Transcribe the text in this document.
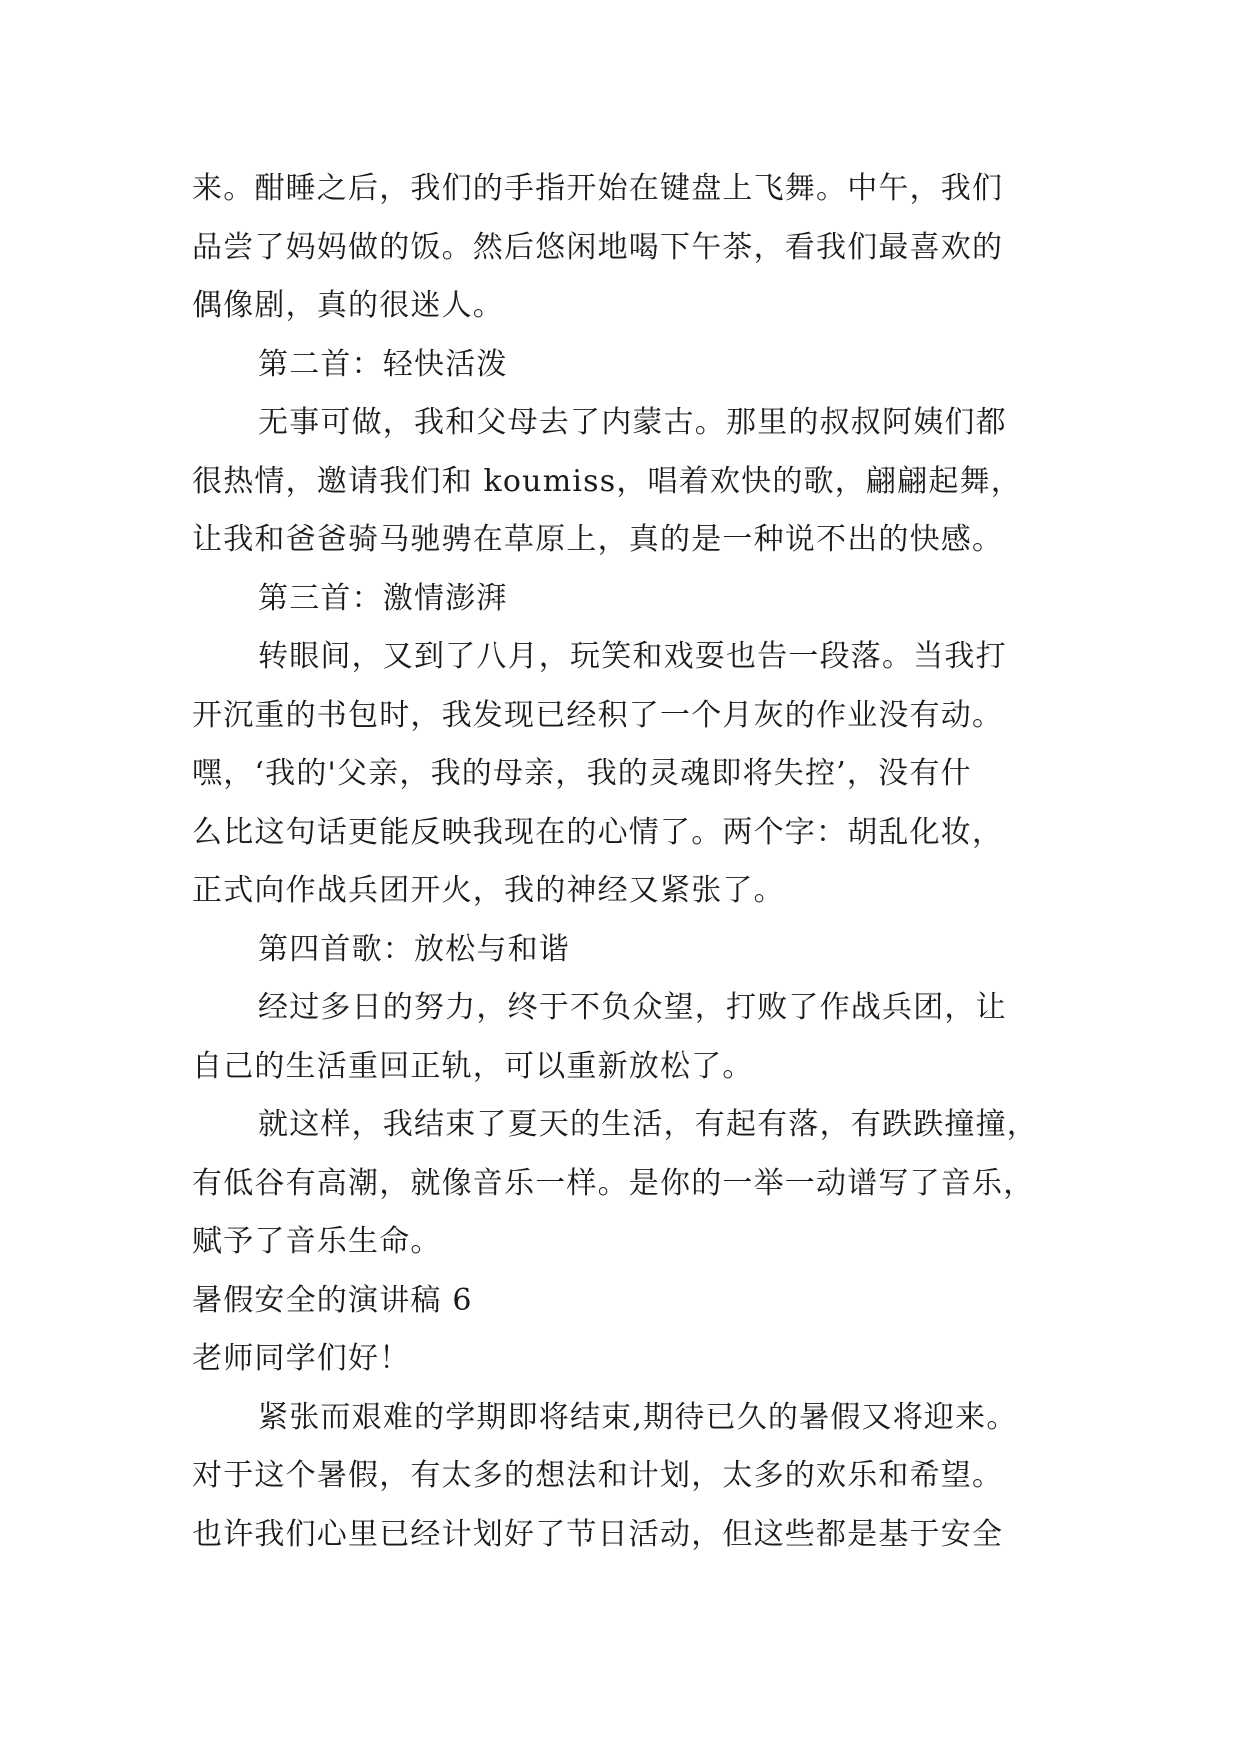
来。酣睡之后，我们的手指开始在键盘上飞舞。中午，我们
品尝了妈妈做的饭。然后悠闲地喝下午茶，看我们最喜欢的
偶像剧，真的很迷人。
第二首：轻快活泼
无事可做，我和父母去了内蒙古。那里的叔叔阿姨们都
很热情，邀请我们和 koumiss，唱着欢快的歌，翩翩起舞，
让我和爸爸骑马驰骋在草原上，真的是一种说不出的快感。
第三首：激情澎湃
转眼间，又到了八月，玩笑和戏耍也告一段落。当我打
开沉重的书包时，我发现已经积了一个月灰的作业没有动。
嘿，‘我的'父亲，我的母亲，我的灵魂即将失控’，没有什
么比这句话更能反映我现在的心情了。两个字：胡乱化妆，
正式向作战兵团开火，我的神经又紧张了。
第四首歌：放松与和谐
经过多日的努力，终于不负众望，打败了作战兵团，让
自己的生活重回正轨，可以重新放松了。
就这样，我结束了夏天的生活，有起有落，有跌跌撞撞，
有低谷有高潮，就像音乐一样。是你的一举一动谱写了音乐，
赋予了音乐生命。
暑假安全的演讲稿 6
老师同学们好！
紧张而艰难的学期即将结束,期待已久的暑假又将迎来。
对于这个暑假，有太多的想法和计划，太多的欢乐和希望。
也许我们心里已经计划好了节日活动，但这些都是基于安全
